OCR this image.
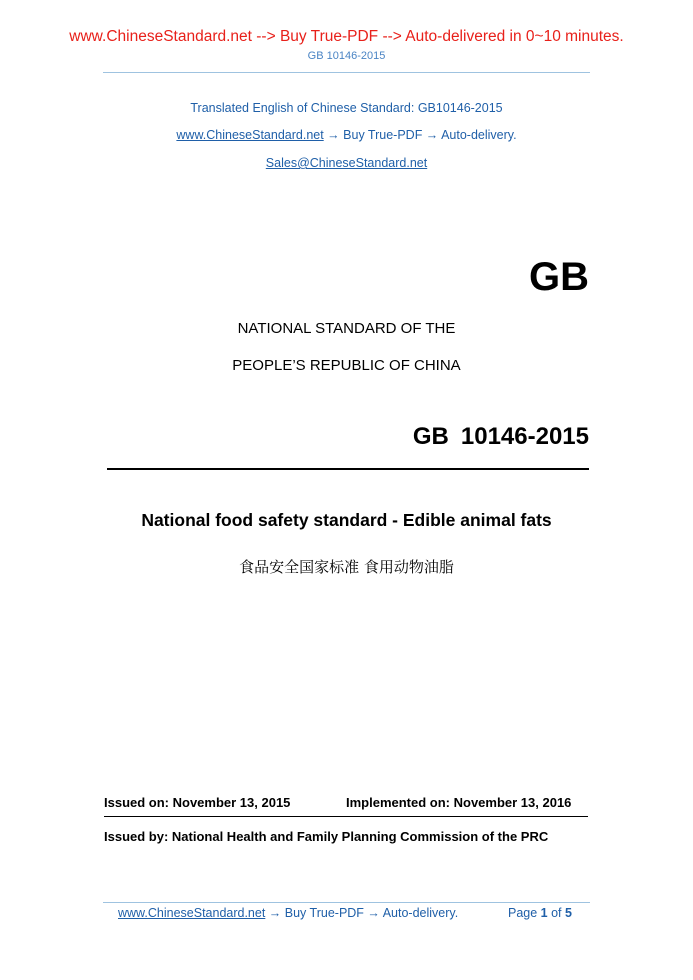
www.ChineseStandard.net --> Buy True-PDF --> Auto-delivered in 0~10 minutes.
GB 10146-2015
Translated English of Chinese Standard: GB10146-2015
www.ChineseStandard.net → Buy True-PDF → Auto-delivery.
Sales@ChineseStandard.net
GB
NATIONAL STANDARD OF THE
PEOPLE’S REPUBLIC OF CHINA
GB 10146-2015
National food safety standard - Edible animal fats
食品安全国家标准 食用动物油脂
Issued on: November 13, 2015	Implemented on: November 13, 2016
Issued by: National Health and Family Planning Commission of the PRC
www.ChineseStandard.net → Buy True-PDF → Auto-delivery.	Page 1 of 5
